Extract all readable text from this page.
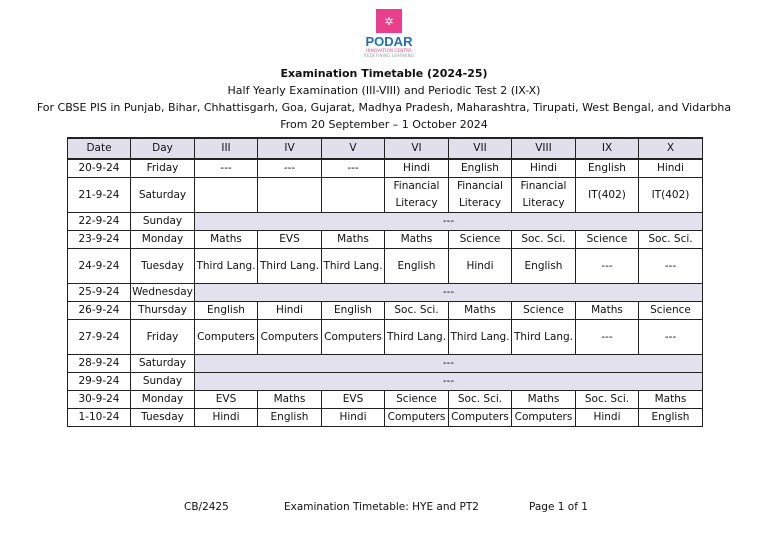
✲
PODAR
INNOVATION CENTRE
REDEFINING LEARNING
Examination Timetable (2024-25)
Half Yearly Examination (III-VIII) and Periodic Test 2 (IX-X)
For CBSE PIS in Punjab, Bihar, Chhattisgarh, Goa, Gujarat, Madhya Pradesh, Maharashtra, Tirupati, West Bengal, and Vidarbha
From 20 September – 1 October 2024
Date	Day	III	IV	V	VI	VII	VIII	IX	X
20-9-24	Friday	---	---	---	Hindi	English	Hindi	English	Hindi
21-9-24	Saturday				Financial Literacy	Financial Literacy	Financial Literacy	IT(402)	IT(402)
22-9-24	Sunday	---							
23-9-24	Monday	Maths	EVS	Maths	Maths	Science	Soc. Sci.	Science	Soc. Sci.
24-9-24	Tuesday	Third Lang.	Third Lang.	Third Lang.	English	Hindi	English	---	---
25-9-24	Wednesday	---							
26-9-24	Thursday	English	Hindi	English	Soc. Sci.	Maths	Science	Maths	Science
27-9-24	Friday	Computers	Computers	Computers	Third Lang.	Third Lang.	Third Lang.	---	---
28-9-24	Saturday	---							
29-9-24	Sunday	---							
30-9-24	Monday	EVS	Maths	EVS	Science	Soc. Sci.	Maths	Soc. Sci.	Maths
1-10-24	Tuesday	Hindi	English	Hindi	Computers	Computers	Computers	Hindi	English
CB/2425	Examination Timetable: HYE and PT2	Page 1 of 1
